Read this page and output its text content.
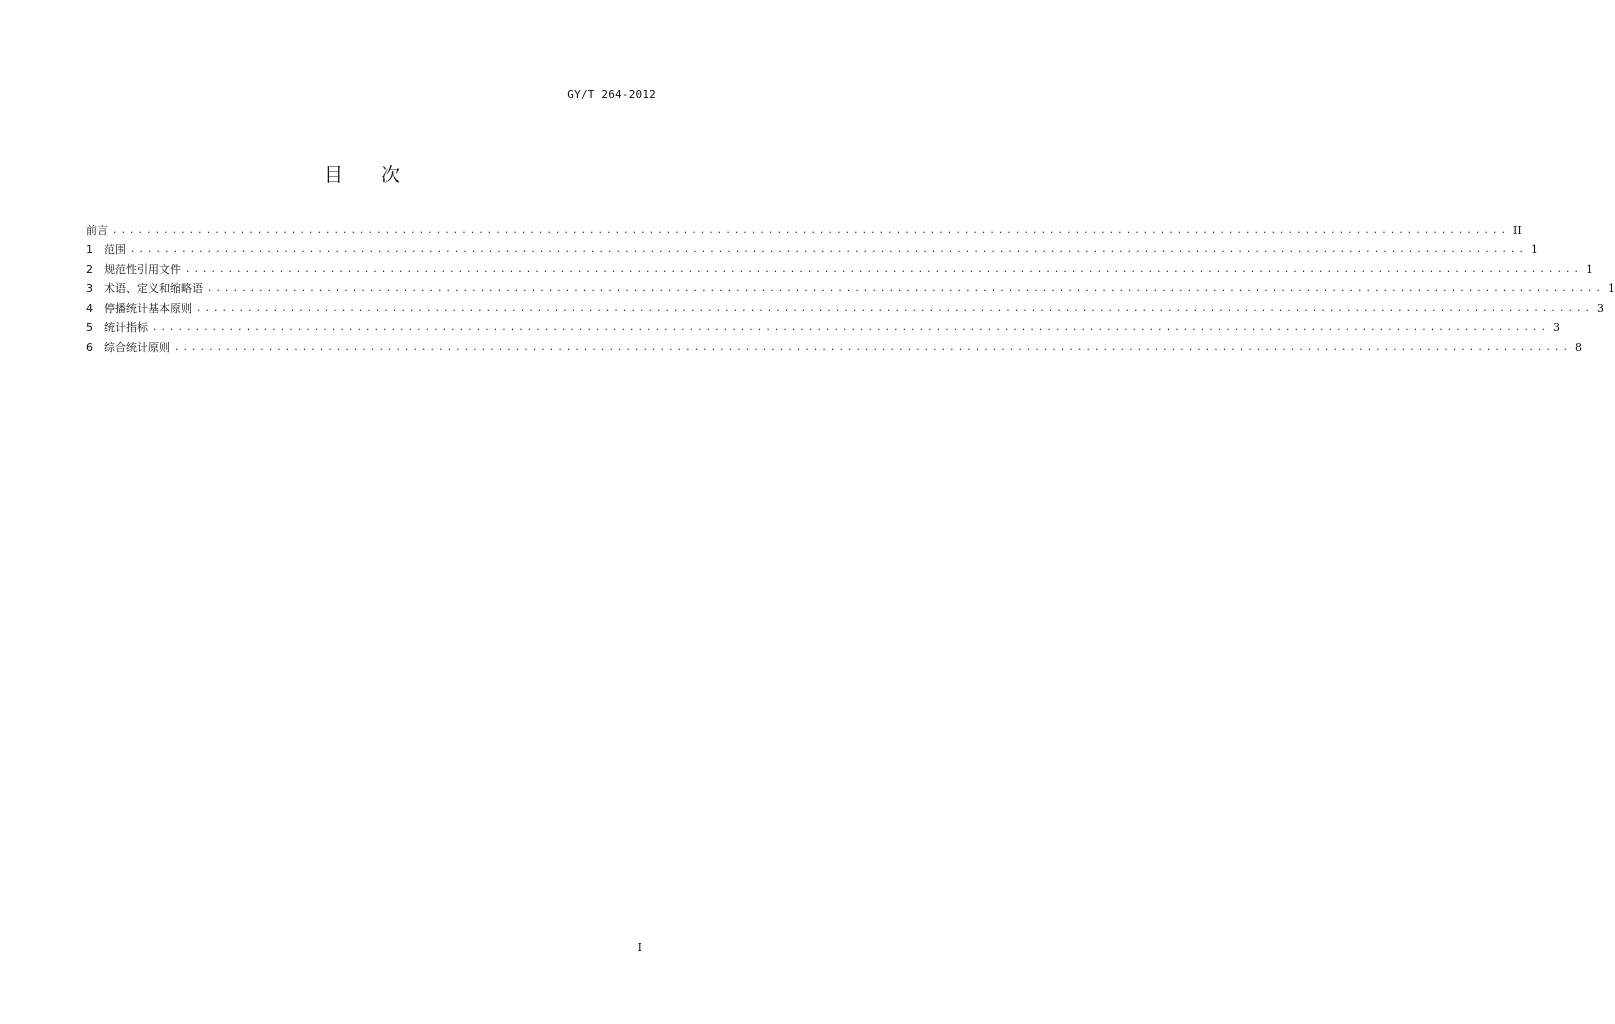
GY/T 264-2012
目 次
前言 .................................................................................................................................................................... II
1	范围 .................................................................................................................................................................... 1
2	规范性引用文件 .................................................................................................................................................................... 1
3	术语、定义和缩略语 .................................................................................................................................................................... 1
4	停播统计基本原则 .................................................................................................................................................................... 3
5	统计指标 .................................................................................................................................................................... 3
6	综合统计原则 .................................................................................................................................................................... 8
I
